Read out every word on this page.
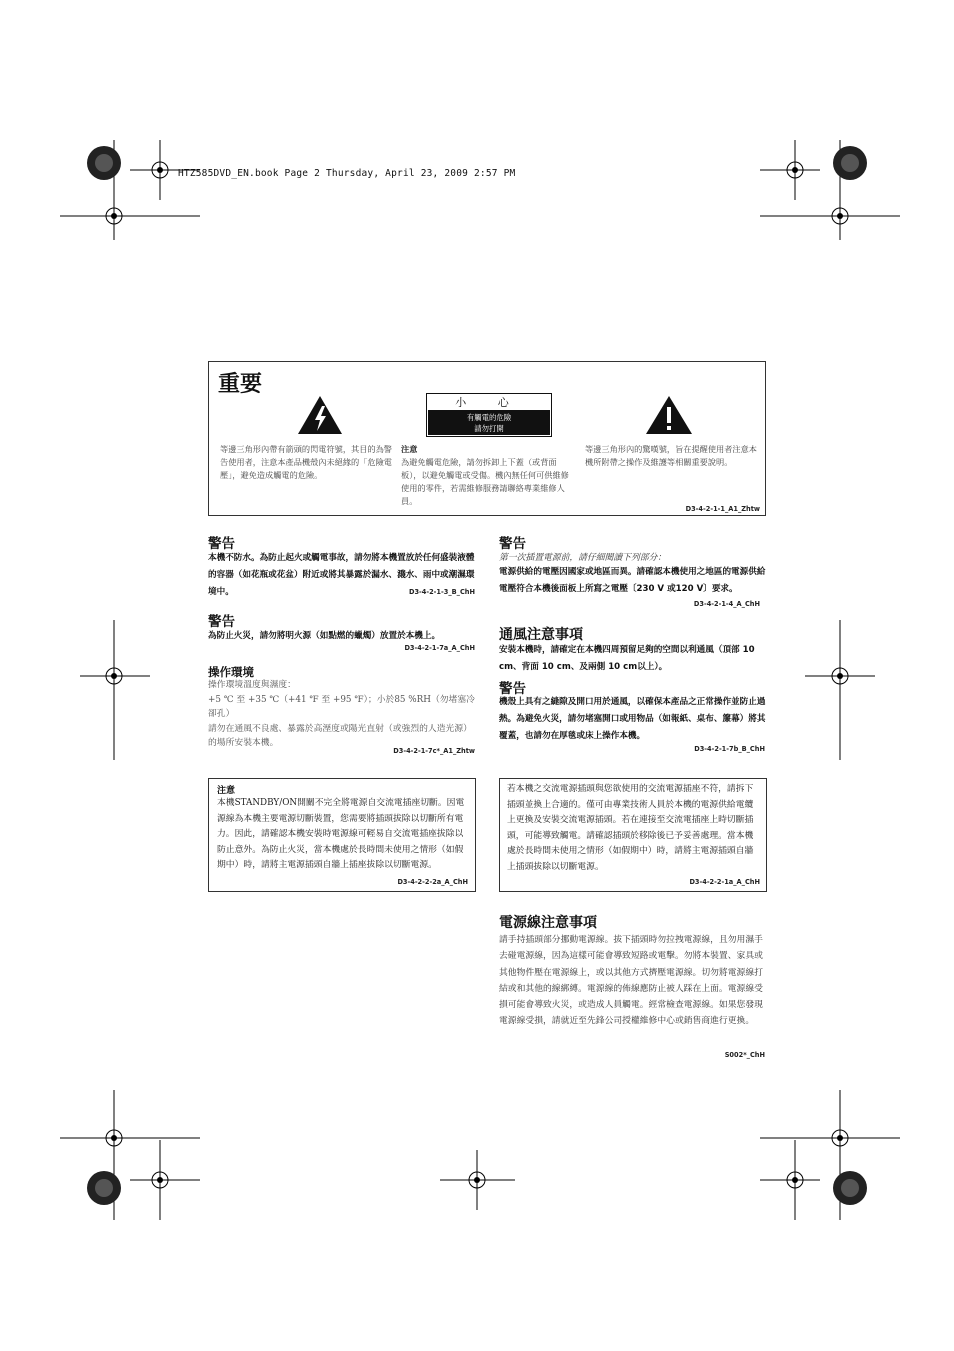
HTZ585DVD_EN.book Page 2 Thursday, April 23, 2009 2:57 PM
重要
小 心
有觸電的危險
請勿打開
等邊三角形內帶有箭頭的閃電符號，其目的為警告使用者，注意本產品機殼內未絕緣的「危險電壓」，避免造成觸電的危險。
注意
為避免觸電危險，請勿拆卸上下蓋（或背面板），以避免觸電或受傷。機內無任何可供維修使用的零件，若需維修服務請聯絡專業維修人員。
等邊三角形內的驚嘆號，旨在提醒使用者注意本機所附帶之操作及維護等相關重要說明。
D3-4-2-1-1_A1_Zhtw
警告
本機不防水。為防止起火或觸電事故，請勿將本機置放於任何盛裝液體的容器（如花瓶或花盆）附近或將其暴露於漏水、濺水、雨中或潮濕環境中。	D3-4-2-1-3_B_ChH
警告
為防止火災，請勿將明火源（如點燃的蠟燭）放置於本機上。
D3-4-2-1-7a_A_ChH
操作環境

操作環境溫度與濕度：

+5 ℃ 至 +35 ℃（+41 ℉ 至 +95 ℉）；小於85 %RH（勿堵塞冷卻孔）

請勿在通風不良處、暴露於高溼度或陽光直射（或強烈的人造光源）的場所安裝本機。

D3-4-2-1-7c*_A1_Zhtw
注意
本機STANDBY/ON開關不完全將電源自交流電插座切斷。因電源線為本機主要電源切斷裝置，您需要將插頭拔除以切斷所有電力。因此，請確認本機安裝時電源線可輕易自交流電插座拔除以防止意外。為防止火災，當本機處於長時間未使用之情形（如假期中）時，請將主電源插頭自牆上插座拔除以切斷電源。
D3-4-2-2-2a_A_ChH
警告
第一次插置電源前，請仔細閱讀下列部分：
電源供給的電壓因國家或地區而異。請確認本機使用之地區的電源供給電壓符合本機後面板上所寫之電壓〔230 V 或120 V〕要求。
D3-4-2-1-4_A_ChH
通風注意事項
安裝本機時，請確定在本機四周預留足夠的空間以利通風（頂部 10 cm、背面 10 cm、及兩側 10 cm以上）。
警告
機殼上具有之縫隙及開口用於通風，以確保本產品之正常操作並防止過熱。為避免火災，請勿堵塞開口或用物品（如報紙、桌布、簾幕）將其覆蓋，也請勿在厚毯或床上操作本機。
D3-4-2-1-7b_B_ChH
若本機之交流電源插頭與您欲使用的交流電源插座不符，請拆下插頭並換上合適的。僅可由專業技術人員於本機的電源供給電纜上更換及安裝交流電源插頭。若在連接至交流電插座上時切斷插頭，可能導致觸電。請確認插頭於移除後已予妥善處理。當本機處於長時間未使用之情形（如假期中）時，請將主電源插頭自牆上插頭拔除以切斷電源。
D3-4-2-2-1a_A_ChH
電源線注意事項
請手持插頭部分挪動電源線。拔下插頭時勿拉拽電源線，且勿用濕手去碰電源線，因為這樣可能會導致短路或電擊。勿將本裝置、家具或其他物件壓在電源線上，或以其他方式擠壓電源線。切勿將電源線打結或和其他的線綁縛。電源線的佈線應防止被人踩在上面。電源線受損可能會導致火災，或造成人員觸電。經常檢查電源線。如果您發現電源線受損，請就近至先鋒公司授權維修中心或銷售商進行更換。
S002*_ChH
